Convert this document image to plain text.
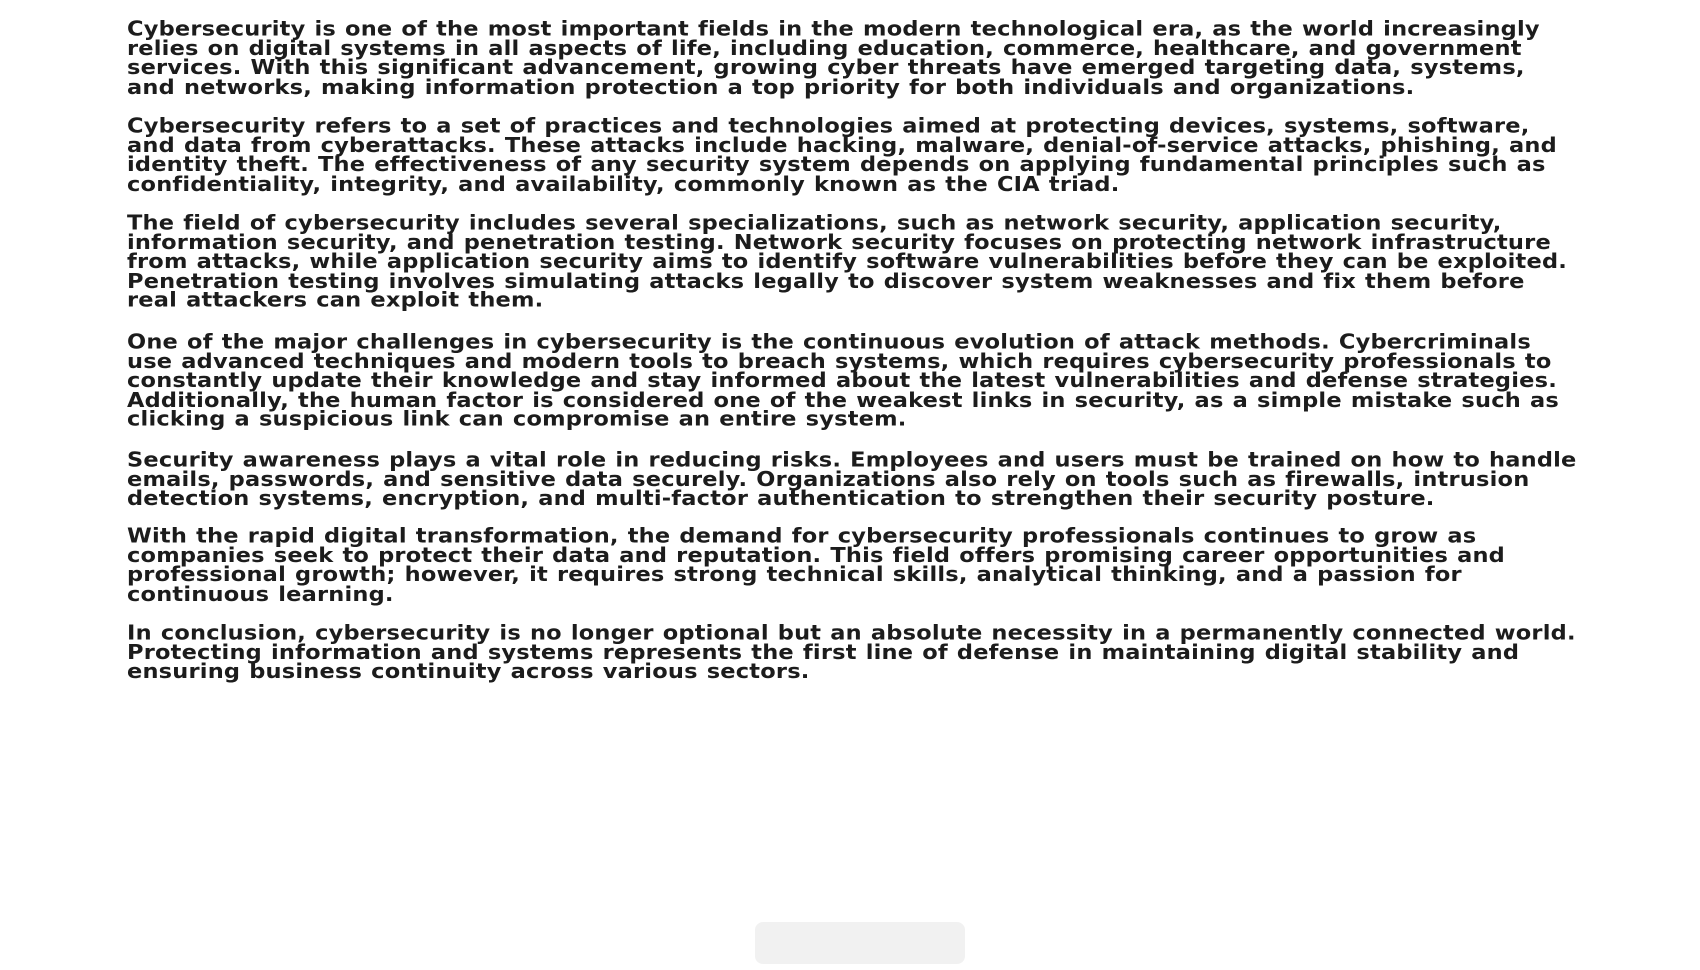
Cybersecurity is one of the most important fields in the modern technological era, as the world increasingly relies on digital systems in all aspects of life, including education, commerce, healthcare, and government services. With this significant advancement, growing cyber threats have emerged targeting data, systems, and networks, making information protection a top priority for both individuals and organizations.

Cybersecurity refers to a set of practices and technologies aimed at protecting devices, systems, software, and data from cyberattacks. These attacks include hacking, malware, denial-of-service attacks, phishing, and identity theft. The effectiveness of any security system depends on applying fundamental principles such as confidentiality, integrity, and availability, commonly known as the CIA triad.

The field of cybersecurity includes several specializations, such as network security, application security, information security, and penetration testing. Network security focuses on protecting network infrastructure from attacks, while application security aims to identify software vulnerabilities before they can be exploited. Penetration testing involves simulating attacks legally to discover system weaknesses and fix them before real attackers can exploit them.

One of the major challenges in cybersecurity is the continuous evolution of attack methods. Cybercriminals use advanced techniques and modern tools to breach systems, which requires cybersecurity professionals to constantly update their knowledge and stay informed about the latest vulnerabilities and defense strategies. Additionally, the human factor is considered one of the weakest links in security, as a simple mistake such as clicking a suspicious link can compromise an entire system.

Security awareness plays a vital role in reducing risks. Employees and users must be trained on how to handle emails, passwords, and sensitive data securely. Organizations also rely on tools such as firewalls, intrusion detection systems, encryption, and multi-factor authentication to strengthen their security posture.

With the rapid digital transformation, the demand for cybersecurity professionals continues to grow as companies seek to protect their data and reputation. This field offers promising career opportunities and professional growth; however, it requires strong technical skills, analytical thinking, and a passion for continuous learning.

In conclusion, cybersecurity is no longer optional but an absolute necessity in a permanently connected world. Protecting information and systems represents the first line of defense in maintaining digital stability and ensuring business continuity across various sectors.
